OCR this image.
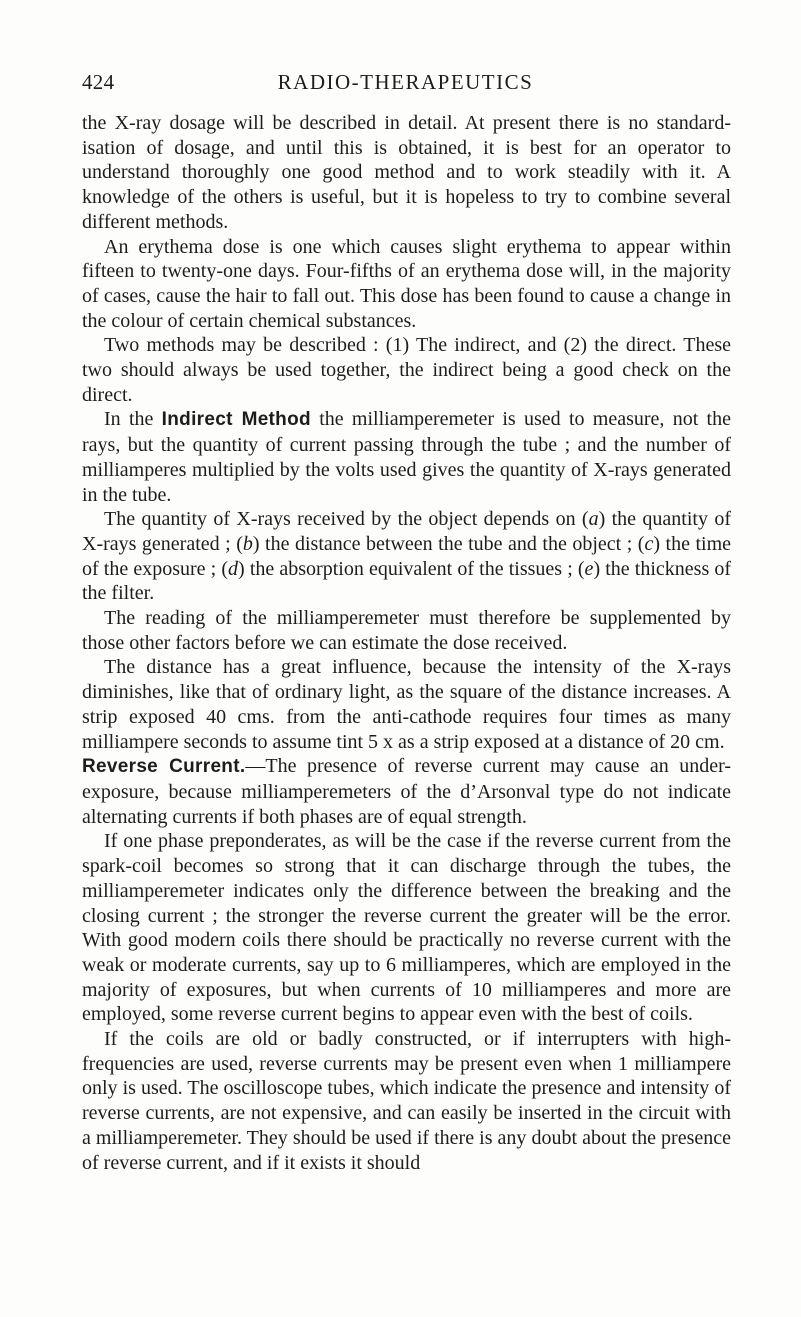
424	RADIO-THERAPEUTICS

the X-ray dosage will be described in detail. At present there is no standardisation of dosage, and until this is obtained, it is best for an operator to understand thoroughly one good method and to work steadily with it. A knowledge of the others is useful, but it is hopeless to try to combine several different methods.

An erythema dose is one which causes slight erythema to appear within fifteen to twenty-one days. Four-fifths of an erythema dose will, in the majority of cases, cause the hair to fall out. This dose has been found to cause a change in the colour of certain chemical substances.

Two methods may be described : (1) The indirect, and (2) the direct. These two should always be used together, the indirect being a good check on the direct.

In the Indirect Method the milliamperemeter is used to measure, not the rays, but the quantity of current passing through the tube ; and the number of milliamperes multiplied by the volts used gives the quantity of X-rays generated in the tube.

The quantity of X-rays received by the object depends on (a) the quantity of X-rays generated ; (b) the distance between the tube and the object ; (c) the time of the exposure ; (d) the absorption equivalent of the tissues ; (e) the thickness of the filter.

The reading of the milliamperemeter must therefore be supplemented by those other factors before we can estimate the dose received.

The distance has a great influence, because the intensity of the X-rays diminishes, like that of ordinary light, as the square of the distance increases. A strip exposed 40 cms. from the anti-cathode requires four times as many milliampere seconds to assume tint 5 x as a strip exposed at a distance of 20 cm.

Reverse Current.—The presence of reverse current may cause an under-exposure, because milliamperemeters of the d’Arsonval type do not indicate alternating currents if both phases are of equal strength.

If one phase preponderates, as will be the case if the reverse current from the spark-coil becomes so strong that it can discharge through the tubes, the milliamperemeter indicates only the difference between the breaking and the closing current ; the stronger the reverse current the greater will be the error. With good modern coils there should be practically no reverse current with the weak or moderate currents, say up to 6 milliamperes, which are employed in the majority of exposures, but when currents of 10 milliamperes and more are employed, some reverse current begins to appear even with the best of coils.

If the coils are old or badly constructed, or if interrupters with high-frequencies are used, reverse currents may be present even when 1 milliampere only is used. The oscilloscope tubes, which indicate the presence and intensity of reverse currents, are not expensive, and can easily be inserted in the circuit with a milliamperemeter. They should be used if there is any doubt about the presence of reverse current, and if it exists it should
